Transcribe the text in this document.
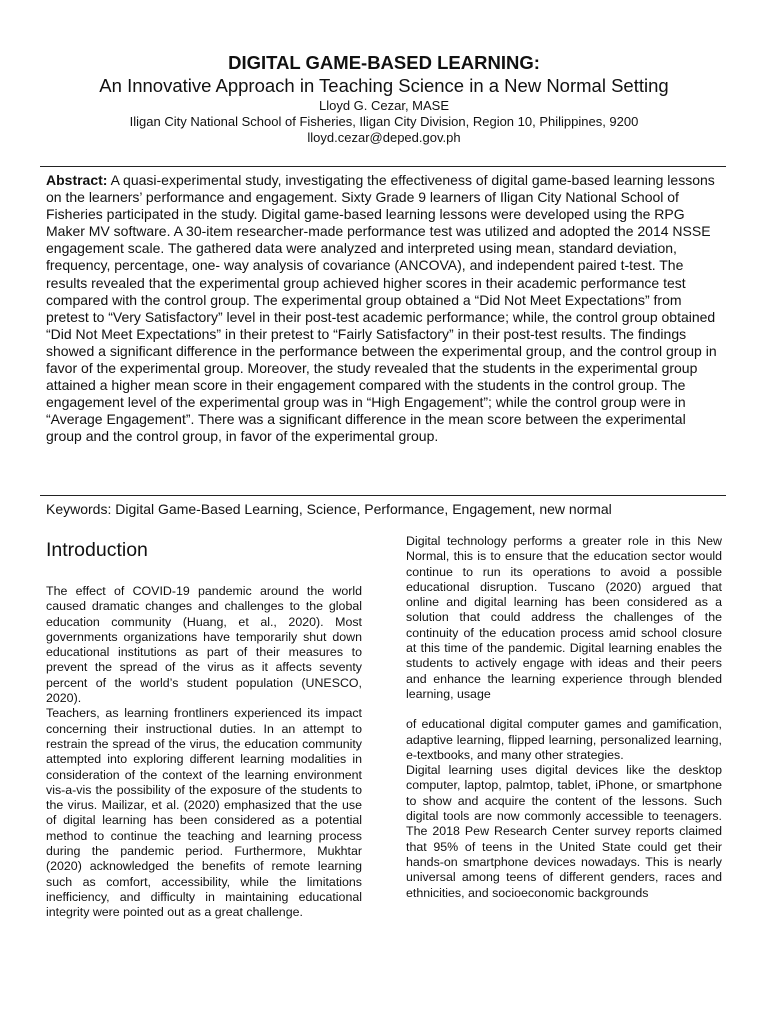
DIGITAL GAME-BASED LEARNING:

An Innovative Approach in Teaching Science in a New Normal Setting

Lloyd G. Cezar, MASE

Iligan City National School of Fisheries, Iligan City Division, Region 10, Philippines, 9200

lloyd.cezar@deped.gov.ph

Abstract: A quasi-experimental study, investigating the effectiveness of digital game-based learning lessons on the learners’ performance and engagement. Sixty Grade 9 learners of Iligan City National School of Fisheries participated in the study. Digital game-based learning lessons were developed using the RPG Maker MV software. A 30-item researcher-made performance test was utilized and adopted the 2014 NSSE engagement scale. The gathered data were analyzed and interpreted using mean, standard deviation, frequency, percentage, one- way analysis of covariance (ANCOVA), and independent paired t-test. The results revealed that the experimental group achieved higher scores in their academic performance test compared with the control group. The experimental group obtained a “Did Not Meet Expectations” from pretest to “Very Satisfactory” level in their post-test academic performance; while, the control group obtained “Did Not Meet Expectations” in their pretest to “Fairly Satisfactory” in their post-test results. The findings showed a significant difference in the performance between the experimental group, and the control group in favor of the experimental group. Moreover, the study revealed that the students in the experimental group attained a higher mean score in their engagement compared with the students in the control group. The engagement level of the experimental group was in “High Engagement”; while the control group were in “Average Engagement”. There was a significant difference in the mean score between the experimental group and the control group, in favor of the experimental group.

Keywords: Digital Game-Based Learning, Science, Performance, Engagement, new normal

Introduction

The effect of COVID-19 pandemic around the world caused dramatic changes and challenges to the global education community (Huang, et al., 2020). Most governments organizations have temporarily shut down educational institutions as part of their measures to prevent the spread of the virus as it affects seventy percent of the world’s student population (UNESCO, 2020).

Teachers, as learning frontliners experienced its impact concerning their instructional duties. In an attempt to restrain the spread of the virus, the education community attempted into exploring different learning modalities in consideration of the context of the learning environment vis-a-vis the possibility of the exposure of the students to the virus. Mailizar, et al. (2020) emphasized that the use of digital learning has been considered as a potential method to continue the teaching and learning process during the pandemic period. Furthermore, Mukhtar (2020) acknowledged the benefits of remote learning such as comfort, accessibility, while the limitations inefficiency, and difficulty in maintaining educational integrity were pointed out as a great challenge.

Digital technology performs a greater role in this New Normal, this is to ensure that the education sector would continue to run its operations to avoid a possible educational disruption. Tuscano (2020) argued that online and digital learning has been considered as a solution that could address the challenges of the continuity of the education process amid school closure at this time of the pandemic. Digital learning enables the students to actively engage with ideas and their peers and enhance the learning experience through blended learning, usage

of educational digital computer games and gamification, adaptive learning, flipped learning, personalized learning, e-textbooks, and many other strategies.

Digital learning uses digital devices like the desktop computer, laptop, palmtop, tablet, iPhone, or smartphone to show and acquire the content of the lessons. Such digital tools are now commonly accessible to teenagers. The 2018 Pew Research Center survey reports claimed that 95% of teens in the United State could get their hands-on smartphone devices nowadays. This is nearly universal among teens of different genders, races and ethnicities, and socioeconomic backgrounds
